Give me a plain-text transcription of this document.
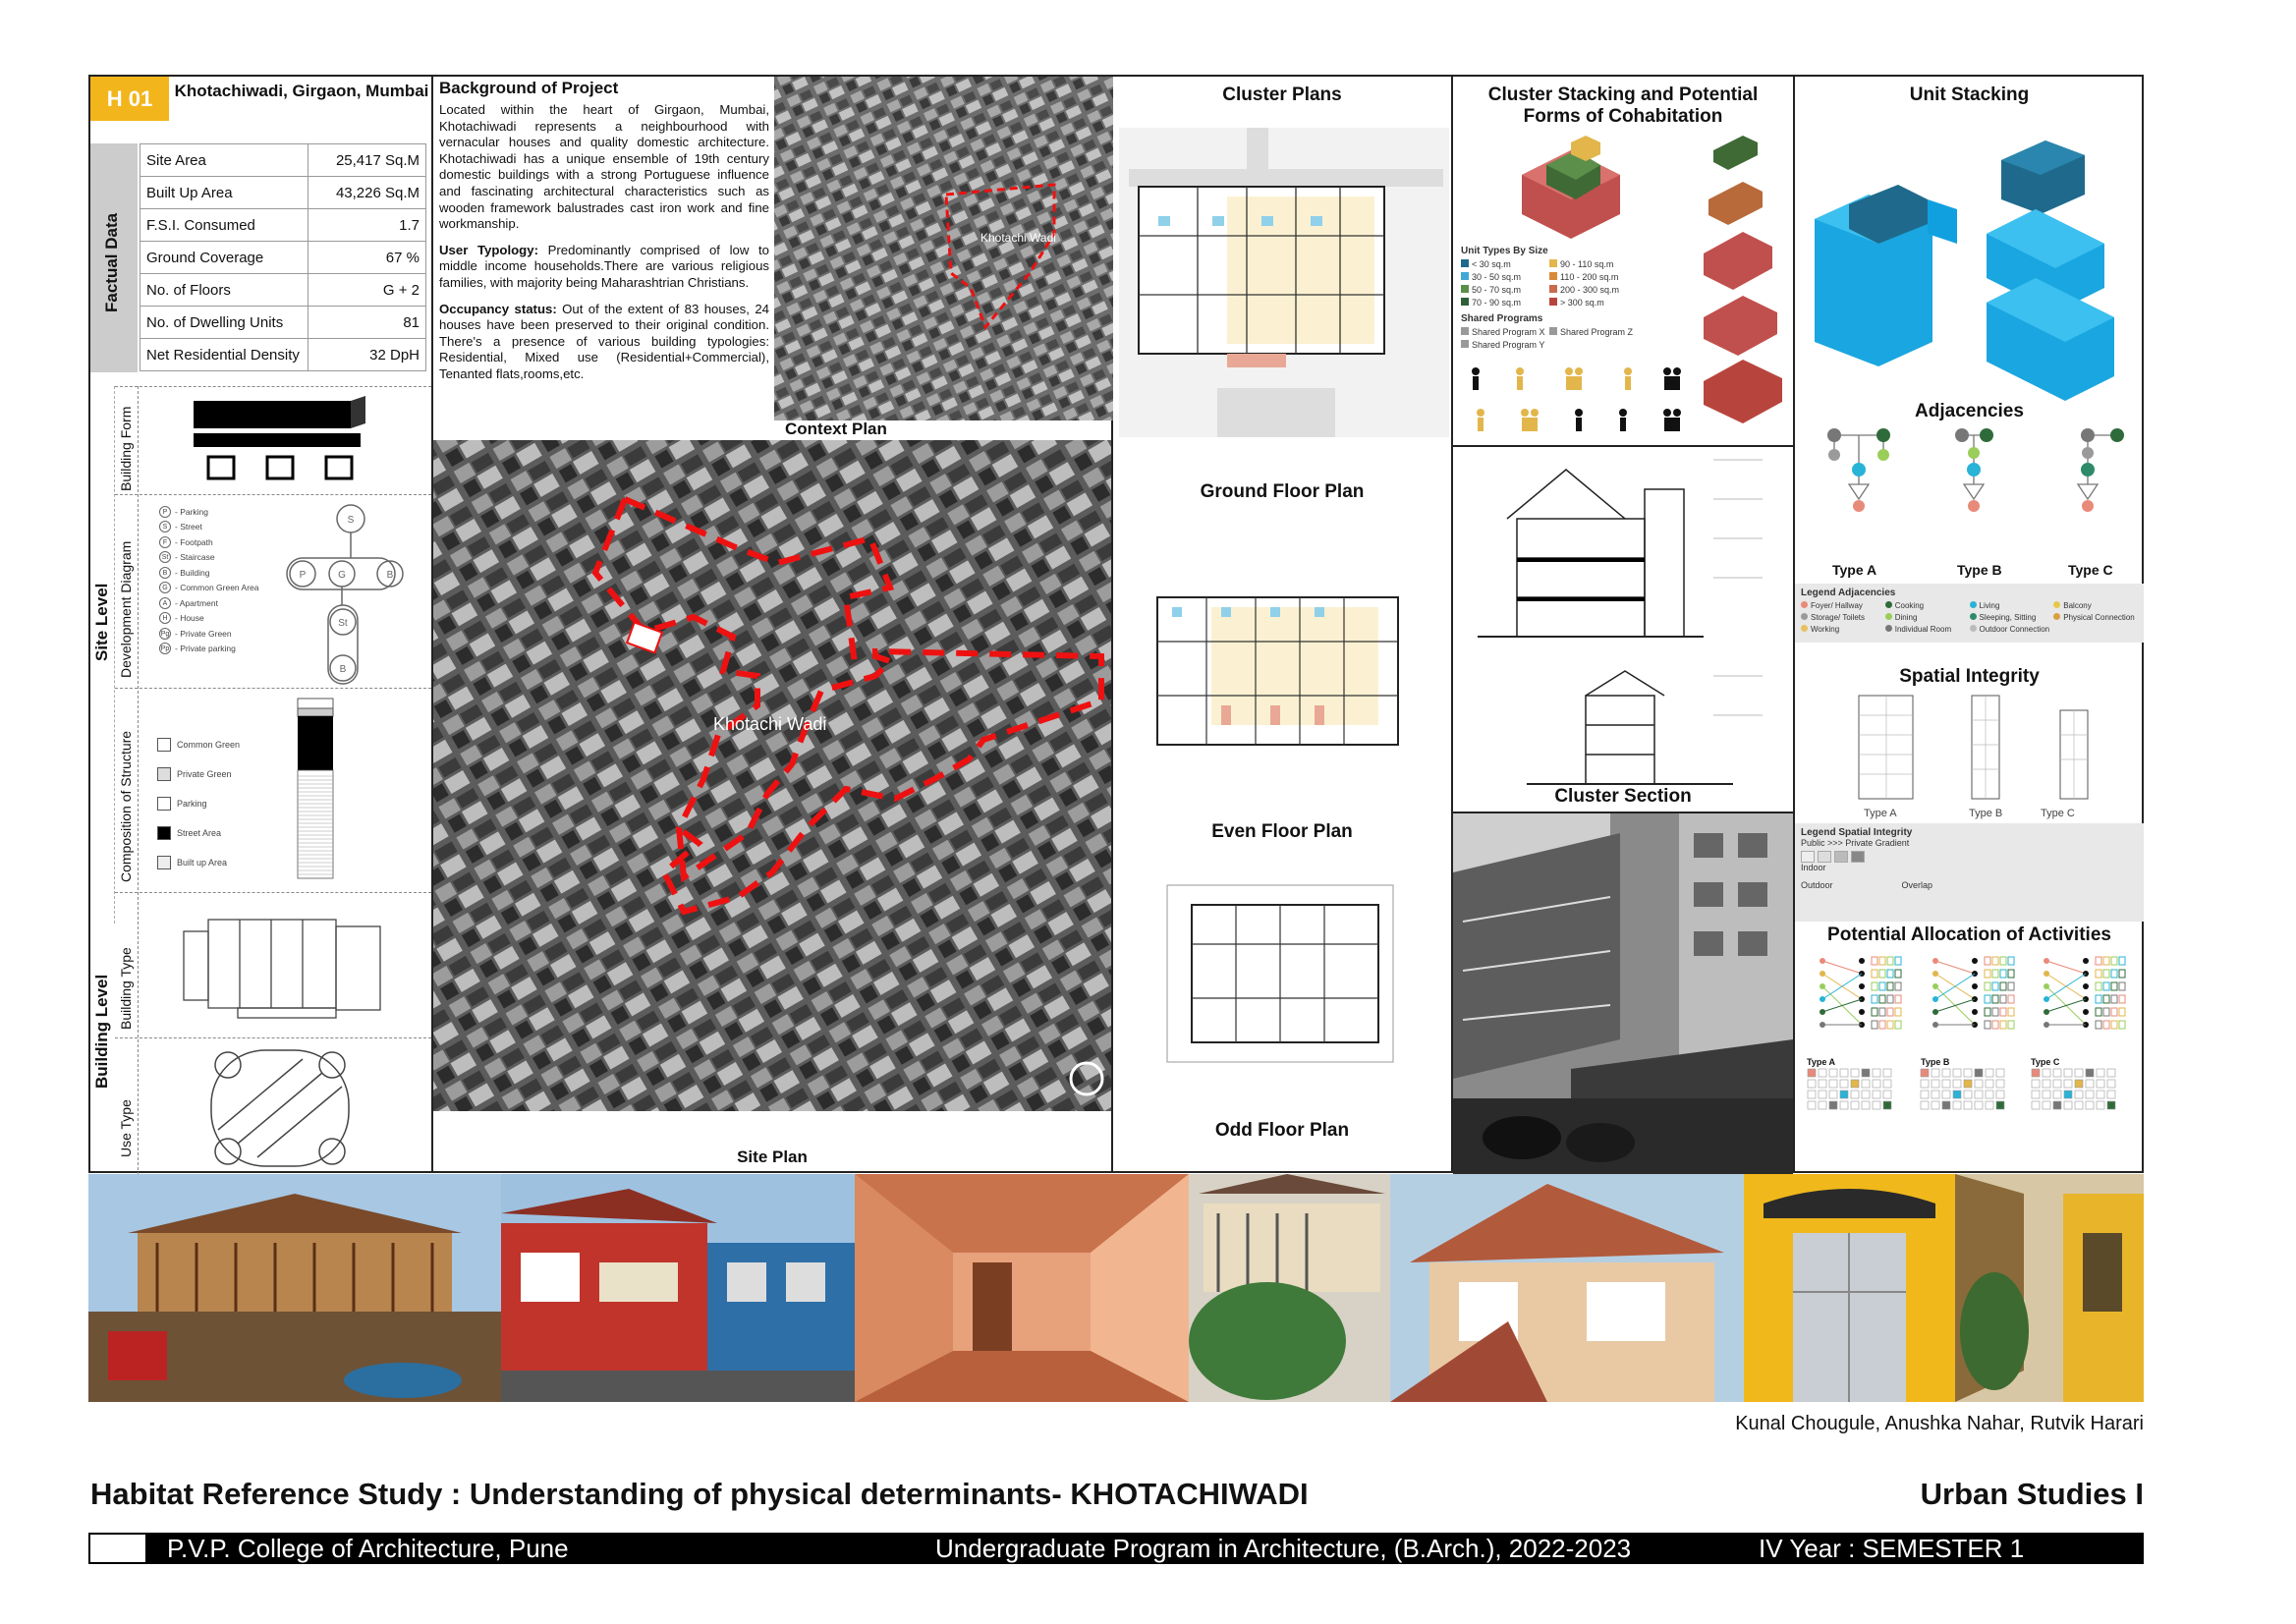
H 01	Khotachiwadi, Girgaon, Mumbai
Factual Data
Site Area	25,417 Sq.M
Built Up Area	43,226 Sq.M
F.S.I. Consumed	1.7
Ground Coverage	67 %
No. of Floors	G + 2
No. of Dwelling Units	81
Net Residential Density	32 DpH
Site Level
Building Level
Building Form
Development Diagram
Composition of Structure
Building Type
Use Type
P - Parking
S - Street
F - Footpath
St - Staircase
B - Building
G - Common Green Area
A - Apartment
H - House
Pg - Private Green
Pp - Private parking
S
P	G	B
St
B
Common Green
Private Green
Parking
Street Area
Built up Area
Background of Project
Located within the heart of Girgaon, Mumbai, Khotachiwadi represents a neighbourhood with vernacular houses and quality domestic architecture. Khotachiwadi has a unique ensemble of 19th century domestic buildings with a strong Portuguese influence and fascinating architectural characteristics such as wooden framework balustrades cast iron work and fine workmanship.
User Typology: Predominantly comprised of low to middle income households.There are various religious families, with majority being Maharashtrian Christians.
Occupancy status: Out of the extent of 83 houses, 24 houses have been preserved to their original condition. There's a presence of various building typologies: Residential, Mixed use (Residential+Commercial), Tenanted flats,rooms,etc.
Khotachi Wadi
Context Plan
Khotachi Wadi
Site Plan
Cluster Plans
Ground Floor Plan
Even Floor Plan
Odd Floor Plan
Cluster Stacking and Potential Forms of Cohabitation
Unit Types By Size
< 30 sq.m	90 - 110 sq.m
30 - 50 sq.m	110 - 200 sq.m
50 - 70 sq.m	200 - 300 sq.m
70 - 90 sq.m	> 300 sq.m
Shared Programs
Shared Program X	Shared Program Z
Shared Program Y
Cluster Section
Unit Stacking
Adjacencies
Type A	Type B	Type C
Legend Adjacencies
Foyer/ Hallway	Cooking	Living	Balcony
Storage/ Toilets	Dining	Sleeping, Sitting	Physical Connection
Working	Individual Room	Outdoor Connection
Spatial Integrity
Type A	Type B	Type C
Legend Spatial Integrity
Public >>> Private Gradient
Indoor
Outdoor	Overlap
Potential Allocation of Activities
Type A	Type B	Type C
Kunal Chougule, Anushka Nahar, Rutvik Harari
Habitat Reference Study : Understanding of physical determinants- KHOTACHIWADI	Urban Studies I
P.V.P. College of Architecture, Pune	Undergraduate Program in Architecture, (B.Arch.), 2022-2023	IV Year : SEMESTER 1
